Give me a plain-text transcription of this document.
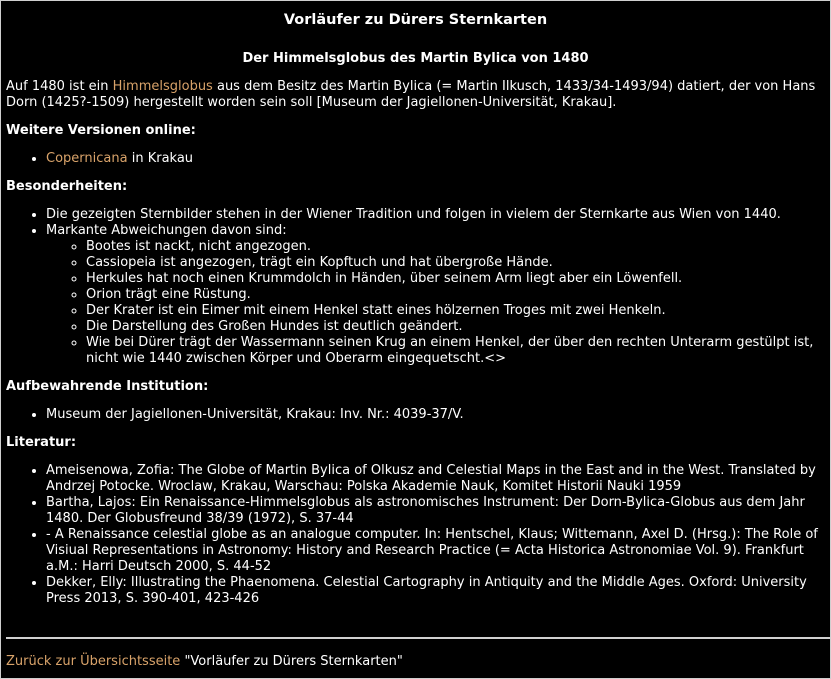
Vorläufer zu Dürers Sternkarten
Der Himmelsglobus des Martin Bylica von 1480

Auf 1480 ist ein Himmelsglobus aus dem Besitz des Martin Bylica (= Martin Ilkusch, 1433/34-1493/94) datiert, der von Hans Dorn (1425?-1509) hergestellt worden sein soll [Museum der Jagiellonen-Universität, Krakau].

Weitere Versionen online:
• Copernicana in Krakau
Besonderheiten:
• Die gezeigten Sternbilder stehen in der Wiener Tradition und folgen in vielem der Sternkarte aus Wien von 1440.
• Markante Abweichungen davon sind:
◦ Bootes ist nackt, nicht angezogen.
◦ Cassiopeia ist angezogen, trägt ein Kopftuch und hat übergroße Hände.
◦ Herkules hat noch einen Krummdolch in Händen, über seinem Arm liegt aber ein Löwenfell.
◦ Orion trägt eine Rüstung.
◦ Der Krater ist ein Eimer mit einem Henkel statt eines hölzernen Troges mit zwei Henkeln.
◦ Die Darstellung des Großen Hundes ist deutlich geändert.
◦ Wie bei Dürer trägt der Wassermann seinen Krug an einem Henkel, der über den rechten Unterarm gestülpt ist, nicht wie 1440 zwischen Körper und Oberarm eingequetscht.<>
Aufbewahrende Institution:
• Museum der Jagiellonen-Universität, Krakau: Inv. Nr.: 4039-37/V.
Literatur:
• Ameisenowa, Zofia: The Globe of Martin Bylica of Olkusz and Celestial Maps in the East and in the West. Translated by Andrzej Potocke. Wroclaw, Krakau, Warschau: Polska Akademie Nauk, Komitet Historii Nauki 1959
• Bartha, Lajos: Ein Renaissance-Himmelsglobus als astronomisches Instrument: Der Dorn-Bylica-Globus aus dem Jahr 1480. Der Globusfreund 38/39 (1972), S. 37-44
• - A Renaissance celestial globe as an analogue computer. In: Hentschel, Klaus; Wittemann, Axel D. (Hrsg.): The Role of Visiual Representations in Astronomy: History and Research Practice (= Acta Historica Astronomiae Vol. 9). Frankfurt a.M.: Harri Deutsch 2000, S. 44-52
• Dekker, Elly: Illustrating the Phaenomena. Celestial Cartography in Antiquity and the Middle Ages. Oxford: University Press 2013, S. 390-401, 423-426
Zurück zur Übersichtsseite "Vorläufer zu Dürers Sternkarten"
